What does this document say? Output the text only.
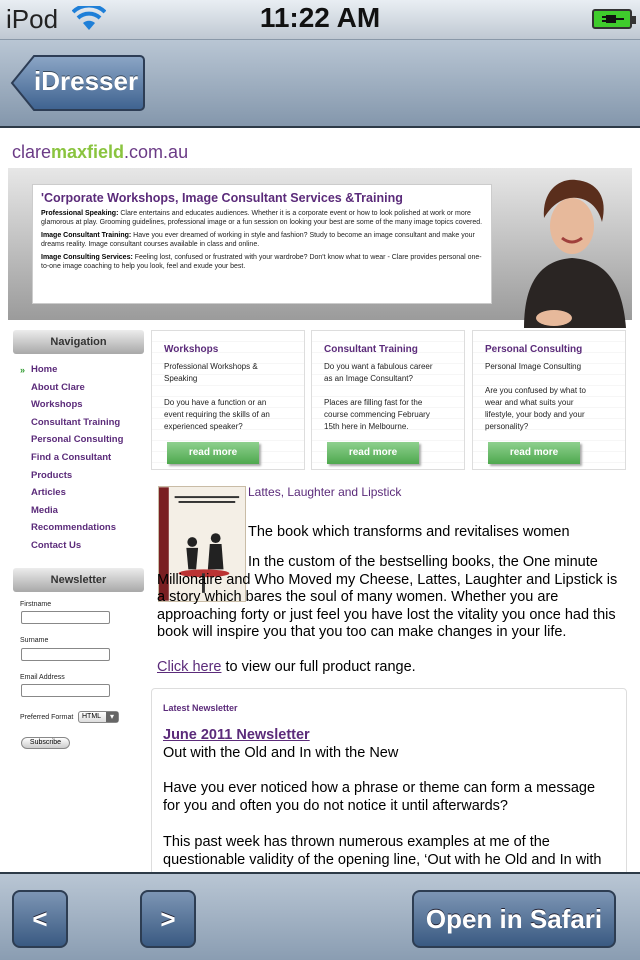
iPod	11:22 AM
iDresser
claremaxfield.com.au
'Corporate Workshops, Image Consultant Services &Training

Professional Speaking: Clare entertains and educates audiences. Whether it is a corporate event or how to look polished at work or more glamorous at play. Grooming guidelines, professional image or a fun session on looking your best are some of the many image topics covered.

Image Consultant Training: Have you ever dreamed of working in style and fashion? Study to become an image consultant and make your dreams reality. Image consultant courses available in class and online.

Image Consulting Services: Feeling lost, confused or frustrated with your wardrobe? Don't know what to wear - Clare provides personal one-to-one image coaching to help you look, feel and exude your best.

Navigation
» Home
About Clare
Workshops
Consultant Training
Personal Consulting
Find a Consultant
Products
Articles
Media
Recommendations
Contact Us
Newsletter
Firstname
Surname
Email Address
Preferred Format	HTML ▾
Subscribe
Workshops

Professional Workshops &
Speaking

Do you have a function or an
event requiring the skills of an
experienced speaker?

read more
Consultant Training

Do you want a fabulous career
as an Image Consultant?

Places are filling fast for the
course commencing February
15th here in Melbourne.

read more
Personal Consulting

Personal Image Consulting

Are you confused by what to
wear and what suits your
lifestyle, your body and your
personality?

read more
Lattes, Laughter and Lipstick
The book which transforms and revitalises women
In the custom of the bestselling books, the One minute Millionaire and Who Moved my Cheese, Lattes, Laughter and Lipstick is a story which bares the soul of many women. Whether you are approaching forty or just feel you have lost the vitality you once had this book will inspire you that you too can make changes in your life.
Click here to view our full product range.
Latest Newsletter
June 2011 Newsletter
Out with the Old and In with the New
Have you ever noticed how a phrase or theme can form a message for you and often you do not notice it until afterwards?
This past week has thrown numerous examples at me of the questionable validity of the opening line, ‘Out with he Old and In with
<	>	Open in Safari
